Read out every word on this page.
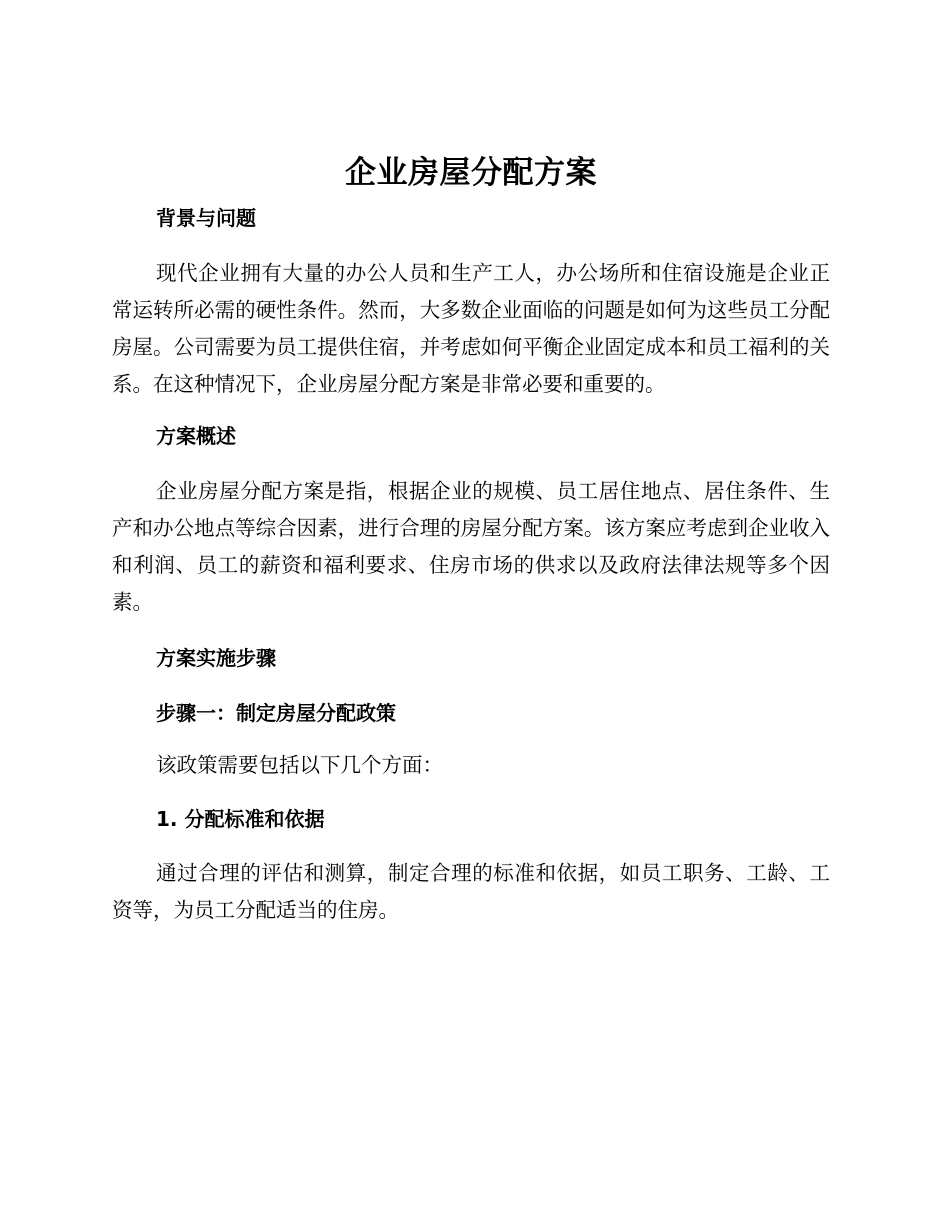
企业房屋分配方案
背景与问题

现代企业拥有大量的办公人员和生产工人，办公场所和住宿设施是企业正常运转所必需的硬性条件。然而，大多数企业面临的问题是如何为这些员工分配房屋。公司需要为员工提供住宿，并考虑如何平衡企业固定成本和员工福利的关系。在这种情况下，企业房屋分配方案是非常必要和重要的。

方案概述

企业房屋分配方案是指，根据企业的规模、员工居住地点、居住条件、生产和办公地点等综合因素，进行合理的房屋分配方案。该方案应考虑到企业收入和利润、员工的薪资和福利要求、住房市场的供求以及政府法律法规等多个因素。

方案实施步骤
步骤一：制定房屋分配政策

该政策需要包括以下几个方面：

1. 分配标准和依据

通过合理的评估和测算，制定合理的标准和依据，如员工职务、工龄、工资等，为员工分配适当的住房。
